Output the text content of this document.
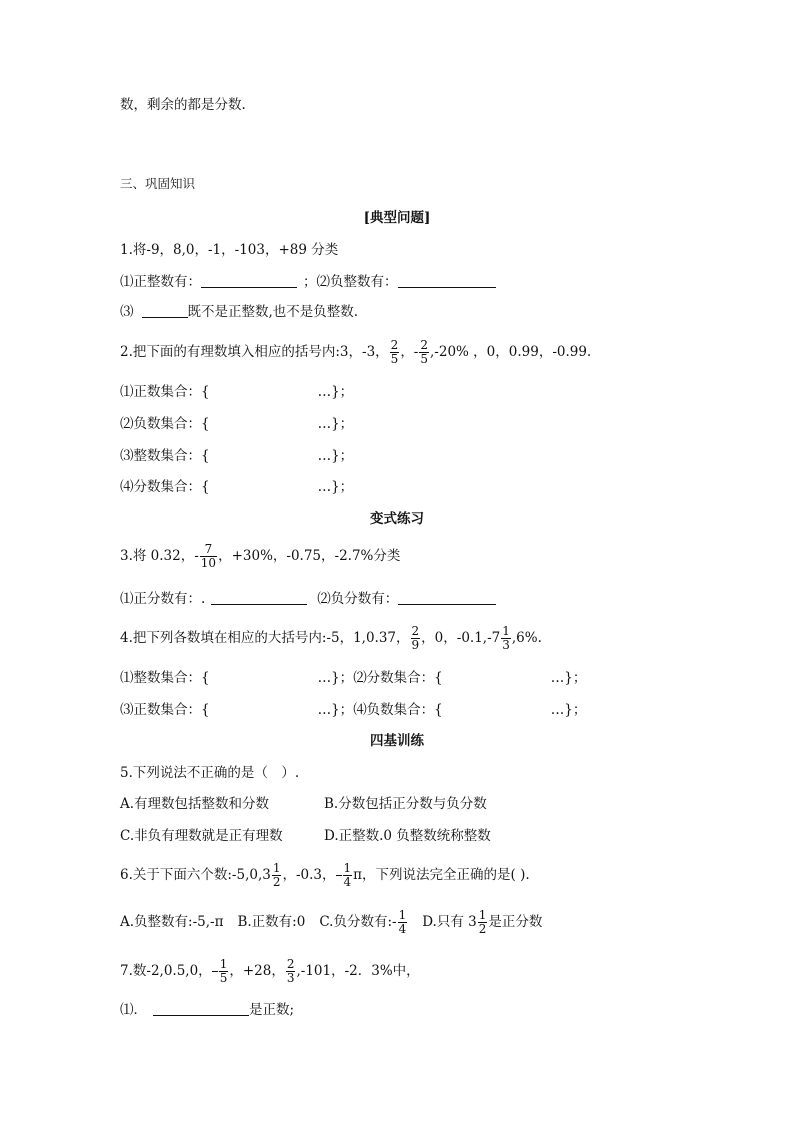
数，剩余的都是分数.
三、巩固知识
[典型问题]
1.将-9，8,0，-1，-103，+89 分类
⑴正整数有：	；⑵负整数有：
⑶	既不是正整数,也不是负整数.
2.把下面的有理数填入相应的括号内:3，-3， $\frac{2}{5}$ ，- $\frac{2}{5} ,-20\%$ ，0，0.99，-0.99.
⑴正数集合：{	…}；
⑵负数集合：{	…}；
⑶整数集合：{	…}；
⑷分数集合：{	…}；
变式练习
3.将 0.32，- $\frac{7}{10}$ ，+30%，-0.75，-2.7%分类
⑴正分数有：.	⑵负分数有：
4.把下列各数填在相应的大括号内:-5，1,0.37， $\frac{2}{9}$ ，0，$-0.1,-7 \frac{1}{3} ,6\%$.
⑴整数集合：{	…}；⑵分数集合：{	…}；
⑶正数集合：{	…}；⑷负数集合：{	…}；
四基训练
5.下列说法不正确的是（　）.
A.有理数包括整数和分数	B.分数包括正分数与负分数
C.非负有理数就是正有理数	D.正整数.0 负整数统称整数
6.关于下面六个数:-5,0,3 $\frac{1}{2}$ ，-0.3， $\frac{1}{4}$ π，下列说法完全正确的是( ).
A.负整数有:-5,-π B.正数有:0 C.负分数有:- $\frac{1}{4} D$.只有 $3 \frac{1}{2}$ 是正分数
7.数-2,0.5,0， $\frac{1}{5}$ ，+28， $\frac{2}{3} ,-101$，-2．3%中，
⑴．	是正数;
